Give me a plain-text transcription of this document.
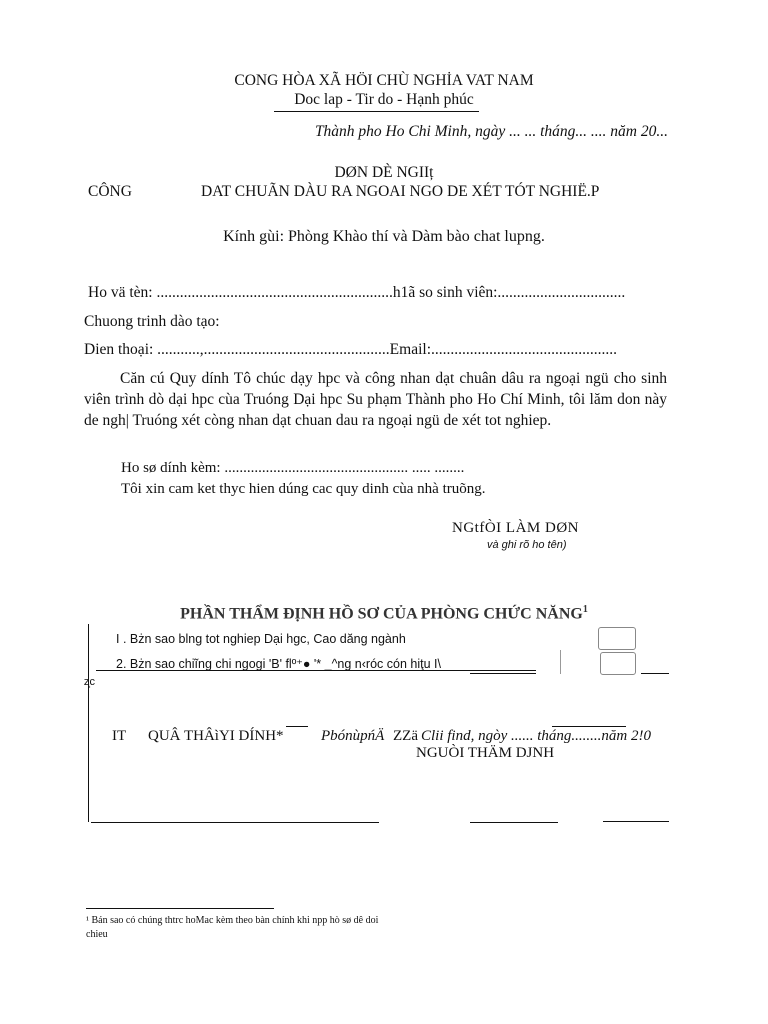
CONG HÒA XÃ HÖI CHÙ NGHİA VAT NAM
Doc lap - Tir do - Hạnh phúc
Thành pho Ho Chi Minh, ngày ... ... tháng... .... năm 20...
DØN DÈ NGIIț
CÔNG	DAT CHUÃN DÀU RA NGOAI NGO DE XÉT TÓT NGHIË.P
Kính gùi: Phòng Khào thí và Dàm bào chat lupng.
Ho vä tèn: .............................................................h1ã so sinh viên:.................................
Chuong trinh dào tạo:
Dien thoại: ...........,................................................Email:................................................
Căn cú Quy dính Tô chúc dạy hpc và công nhan dạt chuân dâu ra ngoại ngü cho sinh viên trình dò dại hpc cùa Truóng Dại hpc Su phạm Thành pho Ho Chí Minh, tôi lăm don này de ngh| Truóng xét còng nhan dạt chuan dau ra ngoại ngü de xét tot nghiep.
Ho sø dính kèm: ................................................. ..... ........
Tôi xin cam ket thyc hien dúng cac quy dinh cùa nhà truõng.
NGtfÒI LÀM DØN
và ghi rõ ho tên)
PHẦN THẨM ĐỊNH HỒ SƠ CỦA PHÒNG CHỨC NĂNG$^1$
I . Bżn sao blng tot nghiep Dại hgc, Cao dăng ngành
2. Bżn sao chiĩng chi ngogi 'B' flº⁺● '* _^ng n‹róc cón hiţu I\
ʐc
IT QUÂ THÂìYI DÍNH* PbónùpńÄ ZZä Clii find, ngòy ...... tháng........năm 2!0
NGUÒI THÄM DJNH
¹ Bán sao có chúng thtrc hoMac kèm theo bàn chính khi npp hò sø dê doi
chieu
